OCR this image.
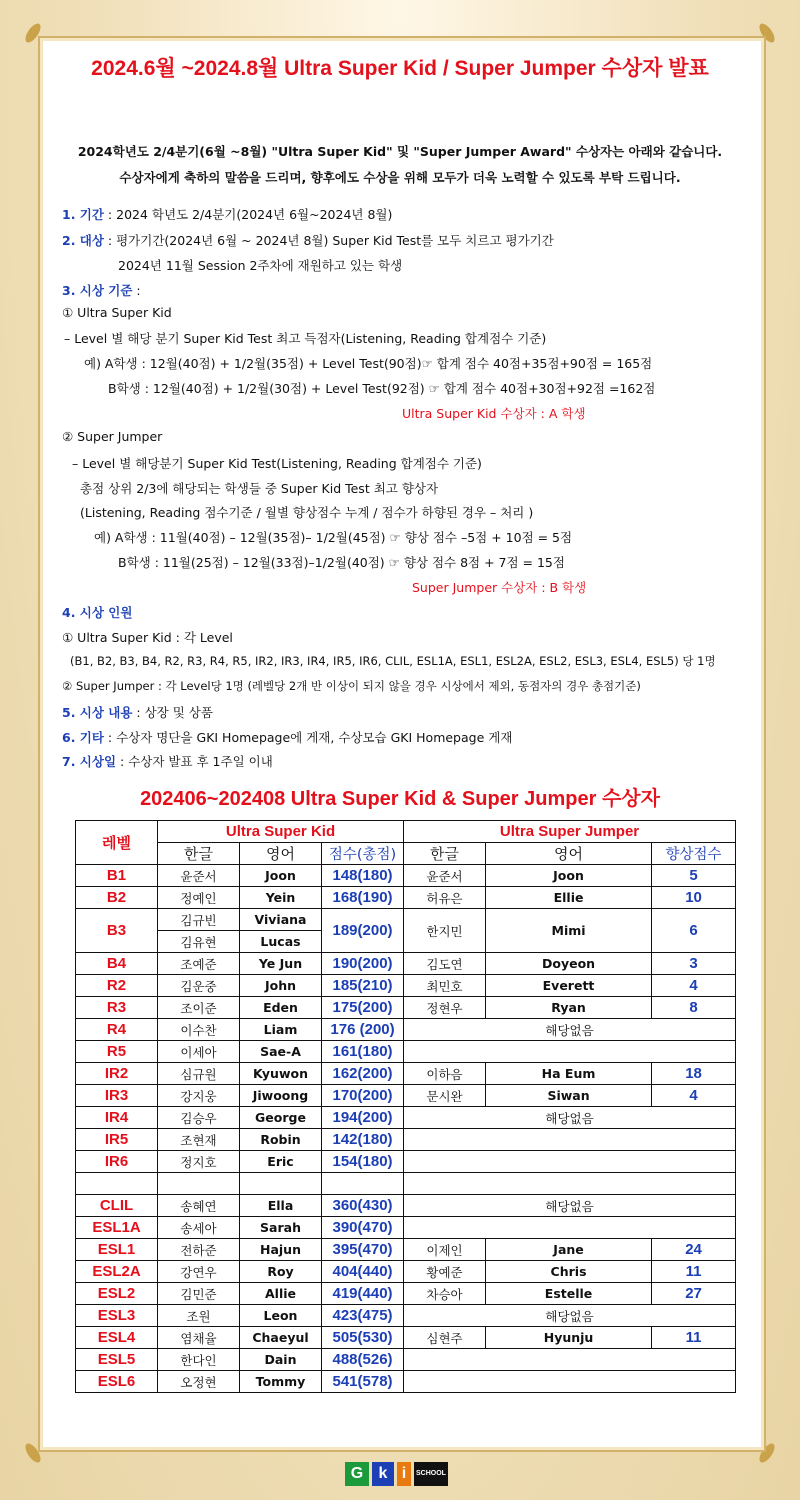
2024.6월 ~2024.8월 Ultra Super Kid / Super Jumper 수상자 발표
2024학년도 2/4분기(6월 ~8월) "Ultra Super Kid" 및 "Super Jumper Award" 수상자는 아래와 같습니다.
수상자에게 축하의 말씀을 드리며, 향후에도 수상을 위해 모두가 더욱 노력할 수 있도록 부탁 드립니다.
1. 기간 : 2024 학년도 2/4분기(2024년 6월~2024년 8월)
2. 대상 : 평가기간(2024년 6월 ~ 2024년 8월) Super Kid Test를 모두 치르고 평가기간
2024년 11월 Session 2주차에 재원하고 있는 학생
3. 시상 기준 :
① Ultra Super Kid
– Level 별 해당 분기 Super Kid Test 최고 득점자(Listening, Reading 합계점수 기준)
예) A학생 : 12월(40점) + 1/2월(35점) + Level Test(90점)☞ 합계 점수 40점+35점+90점 = 165점
B학생 : 12월(40점) + 1/2월(30점) + Level Test(92점) ☞ 합계 점수 40점+30점+92점 =162점
Ultra Super Kid 수상자 : A 학생
② Super Jumper
– Level 별 해당분기 Super Kid Test(Listening, Reading 합계점수 기준)
총점 상위 2/3에 해당되는 학생들 중 Super Kid Test 최고 향상자
(Listening, Reading 점수기준 / 월별 향상점수 누계 / 점수가 하향된 경우 – 처리 )
예) A학생 : 11월(40점) – 12월(35점)– 1/2월(45점) ☞ 향상 점수 –5점 + 10점 = 5점
B학생 : 11월(25점) – 12월(33점)–1/2월(40점) ☞ 향상 점수 8점 + 7점 = 15점
Super Jumper 수상자 : B 학생
4. 시상 인원
① Ultra Super Kid : 각 Level
(B1, B2, B3, B4, R2, R3, R4, R5, IR2, IR3, IR4, IR5, IR6, CLIL, ESL1A, ESL1, ESL2A, ESL2, ESL3, ESL4, ESL5) 당 1명
② Super Jumper : 각 Level당 1명 (레벨당 2개 반 이상이 되지 않을 경우 시상에서 제외, 동점자의 경우 총점기준)
5. 시상 내용 : 상장 및 상품
6. 기타 : 수상자 명단을 GKI Homepage에 게재, 수상모습 GKI Homepage 게재
7. 시상일 : 수상자 발표 후 1주일 이내
202406~202408 Ultra Super Kid & Super Jumper 수상자
레벨	Ultra Super Kid			Ultra Super Jumper		
	한글	영어	점수(총점)	한글	영어	향상점수
B1	윤준서	Joon	148(180)	윤준서	Joon	5
B2	정예인	Yein	168(190)	허유은	Ellie	10
B3	김규빈	Viviana	189(200)	한지민	Mimi	6
	김유현	Lucas				
B4	조예준	Ye Jun	190(200)	김도연	Doyeon	3
R2	김운중	John	185(210)	최민호	Everett	4
R3	조이준	Eden	175(200)	정현우	Ryan	8
R4	이수찬	Liam	176 (200)	해당없음		
R5	이세아	Sae-A	161(180)			
IR2	심규원	Kyuwon	162(200)	이하음	Ha Eum	18
IR3	강지웅	Jiwoong	170(200)	문시완	Siwan	4
IR4	김승우	George	194(200)	해당없음		
IR5	조현재	Robin	142(180)			
IR6	정지호	Eric	154(180)			

CLIL	송혜연	Ella	360(430)	해당없음		
ESL1A	송세아	Sarah	390(470)			
ESL1	전하준	Hajun	395(470)	이제인	Jane	24
ESL2A	강연우	Roy	404(440)	황예준	Chris	11
ESL2	김민준	Allie	419(440)	차승아	Estelle	27
ESL3	조원	Leon	423(475)	해당없음		
ESL4	염채율	Chaeyul	505(530)	심현주	Hyunju	11
ESL5	한다인	Dain	488(526)			
ESL6	오정현	Tommy	541(578)			
G k i	SCHOOL
